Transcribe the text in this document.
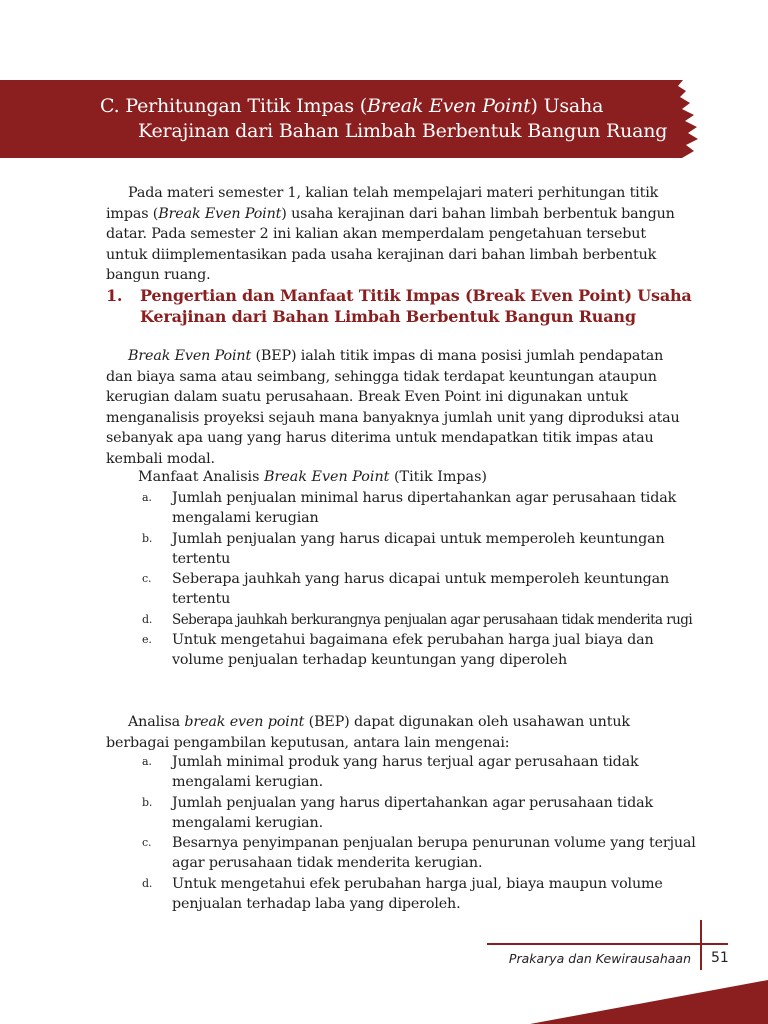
C. Perhitungan Titik Impas (Break Even Point) Usaha
Kerajinan dari Bahan Limbah Berbentuk Bangun Ruang

Pada materi semester 1, kalian telah mempelajari materi perhitungan titik impas (Break Even Point) usaha kerajinan dari bahan limbah berbentuk bangun datar. Pada semester 2 ini kalian akan memperdalam pengetahuan tersebut untuk diimplementasikan pada usaha kerajinan dari bahan limbah berbentuk bangun ruang.

1. Pengertian dan Manfaat Titik Impas (Break Even Point) Usaha Kerajinan dari Bahan Limbah Berbentuk Bangun Ruang

Break Even Point (BEP) ialah titik impas di mana posisi jumlah pendapatan dan biaya sama atau seimbang, sehingga tidak terdapat keuntungan ataupun kerugian dalam suatu perusahaan. Break Even Point ini digunakan untuk menganalisis proyeksi sejauh mana banyaknya jumlah unit yang diproduksi atau sebanyak apa uang yang harus diterima untuk mendapatkan titik impas atau kembali modal.

Manfaat Analisis Break Even Point (Titik Impas)
a. Jumlah penjualan minimal harus dipertahankan agar perusahaan tidak mengalami kerugian
b. Jumlah penjualan yang harus dicapai untuk memperoleh keuntungan tertentu
c. Seberapa jauhkah yang harus dicapai untuk memperoleh keuntungan tertentu
d. Seberapa jauhkah berkurangnya penjualan agar perusahaan tidak menderita rugi
e. Untuk mengetahui bagaimana efek perubahan harga jual biaya dan volume penjualan terhadap keuntungan yang diperoleh

Analisa break even point (BEP) dapat digunakan oleh usahawan untuk berbagai pengambilan keputusan, antara lain mengenai:

a. Jumlah minimal produk yang harus terjual agar perusahaan tidak mengalami kerugian.
b. Jumlah penjualan yang harus dipertahankan agar perusahaan tidak mengalami kerugian.
c. Besarnya penyimpanan penjualan berupa penurunan volume yang terjual agar perusahaan tidak menderita kerugian.
d. Untuk mengetahui efek perubahan harga jual, biaya maupun volume penjualan terhadap laba yang diperoleh.
Prakarya dan Kewirausahaan 51
